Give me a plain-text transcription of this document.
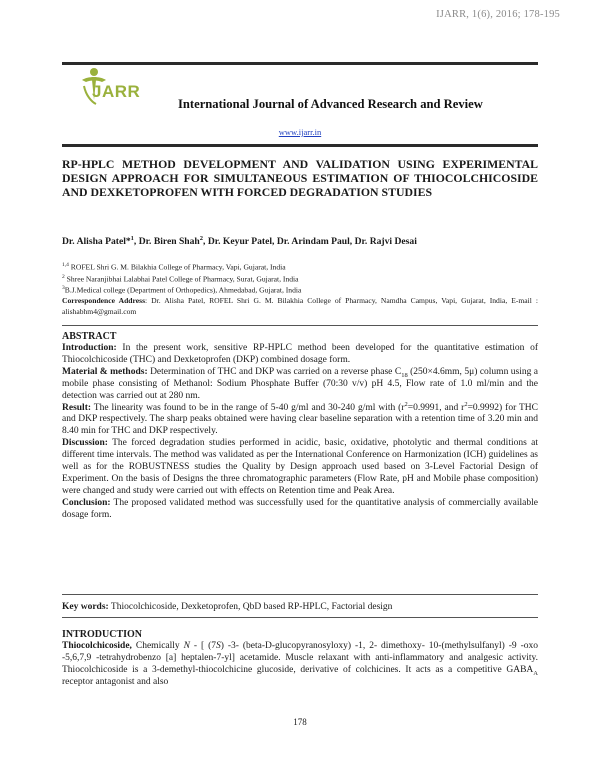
IJARR, 1(6), 2016; 178-195
JARR
International Journal of Advanced Research and Review
www.ijarr.in
RP-HPLC METHOD DEVELOPMENT AND VALIDATION USING EXPERIMENTAL DESIGN APPROACH FOR SIMULTANEOUS ESTIMATION OF THIOCOLCHICOSIDE AND DEXKETOPROFEN WITH FORCED DEGRADATION STUDIES
Dr. Alisha Patel*$^1$, Dr. Biren Shah$^2$, Dr. Keyur Patel, Dr. Arindam Paul, Dr. Rajvi Desai
$^{1,4}$ ROFEL Shri G. M. Bilakhia College of Pharmacy, Vapi, Gujarat, India
$^2$ Shree Naranjibhai Lalabhai Patel College of Pharmacy, Surat, Gujarat, India
$^3$B.J.Medical college (Department of Orthopedics), Ahmedabad, Gujarat, India
Correspondence Address: Dr. Alisha Patel, ROFEL Shri G. M. Bilakhia College of Pharmacy, Namdha Campus, Vapi, Gujarat, India, E-mail : alishabhm4@gmail.com
ABSTRACT

Introduction: In the present work, sensitive RP-HPLC method been developed for the quantitative estimation of Thiocolchicoside (THC) and Dexketoprofen (DKP) combined dosage form.

Material & methods: Determination of THC and DKP was carried on a reverse phase $C_{18}$ (250×4.6mm, 5μ) column using a mobile phase consisting of Methanol: Sodium Phosphate Buffer (70:30 v/v) pH 4.5, Flow rate of 1.0 ml/min and the detection was carried out at 280 nm.

Result: The linearity was found to be in the range of 5-40 g/ml and 30-240 g/ml with ($r^2=0.9991$, and $r^2=0.9992$) for THC and DKP respectively. The sharp peaks obtained were having clear baseline separation with a retention time of 3.20 min and 8.40 min for THC and DKP respectively.

Discussion: The forced degradation studies performed in acidic, basic, oxidative, photolytic and thermal conditions at different time intervals. The method was validated as per the International Conference on Harmonization (ICH) guidelines as well as for the ROBUSTNESS studies the Quality by Design approach used based on 3-Level Factorial Design of Experiment. On the basis of Designs the three chromatographic parameters (Flow Rate, pH and Mobile phase composition) were changed and study were carried out with effects on Retention time and Peak Area.

Conclusion: The proposed validated method was successfully used for the quantitative analysis of commercially available dosage form.

Key words: Thiocolchicoside, Dexketoprofen, QbD based RP-HPLC, Factorial design
INTRODUCTION
Thiocolchicoside, Chemically N - [ (7S) -3- (beta-D-glucopyranosyloxy) -1, 2- dimethoxy- 10-(methylsulfanyl) -9 -oxo -5,6,7,9 -tetrahydrobenzo [a] heptalen-7-yl] acetamide. Muscle relaxant with anti-inflammatory and analgesic activity. Thiocolchicoside is a 3-demethyl-thiocolchicine glucoside, derivative of colchicines. It acts as a competitive $GABA_A$ receptor antagonist and also
178
